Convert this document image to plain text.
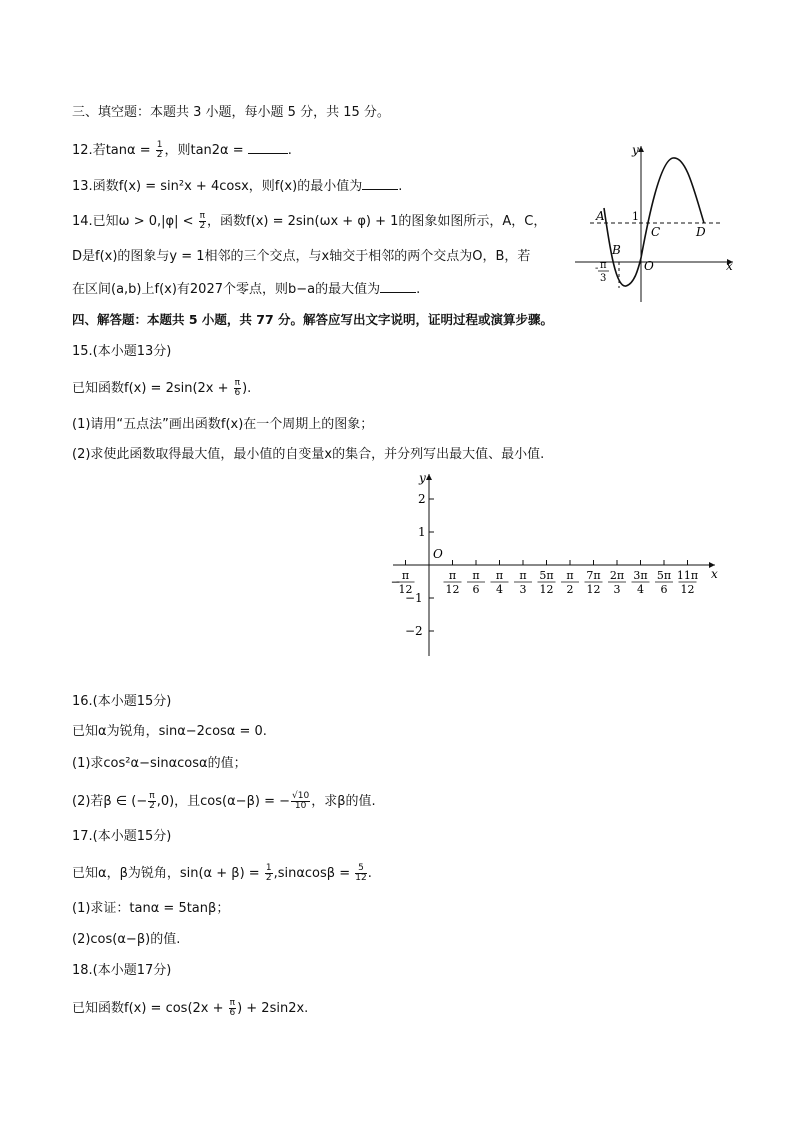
三、填空题：本题共 3 小题，每小题 5 分，共 15 分。
12.若$\tan\alpha = \frac{1}{2}$ ，则tan2α =	.
13.函数f(x) = sin²x + 4cosx，则f(x)的最小值为	.
14.已知$\omega > 0,|\varphi| < \frac{\pi}{2}$ ，函数f(x) = 2sin(ωx + φ) + 1的图象如图所示，A，C，
D是f(x)的图象与y = 1相邻的三个交点，与x轴交于相邻的两个交点为O，B，若
在区间(a,b)上f(x)有2027个零点，则b−a的最大值为	.
y
x
A
B
C	D
O
1
- π
3
四、解答题：本题共 5 小题，共 77 分。解答应写出文字说明，证明过程或演算步骤。
15.(本小题13分)
已知函数$f(x) = 2\sin(2x + \frac{\pi}{6}$ ).
(1)请用“五点法”画出函数f(x)在一个周期上的图象；
(2)求使此函数取得最大值，最小值的自变量x的集合，并分列写出最大值、最小值.
y
x
O
2
1
−1
−2
π
12
−	π
12
π
6
π
4
π
3
5π
12
π
2
7π
12
2π
3
3π
4
5π
6
11π
12
16.(本小题15分)
已知α为锐角，sinα−2cosα = 0.
(1)求cos²α−sinαcosα的值；
(2)若β ∈ (− $\frac{\pi}{2} ,0$)，且cos(α−β) = − $\frac{√10}{10}$ ，求β的值.
17.(本小题15分)
已知α，β为锐角，$\sin(\alpha + \beta) = \frac{1}{2} ,\sin\alpha\cos\beta = \frac{5}{12}$ .
(1)求证：tanα = 5tanβ；
(2)cos(α−β)的值.
18.(本小题17分)
已知函数$f(x) = \cos(2x + \frac{\pi}{6}$ ) + 2sin2x.
